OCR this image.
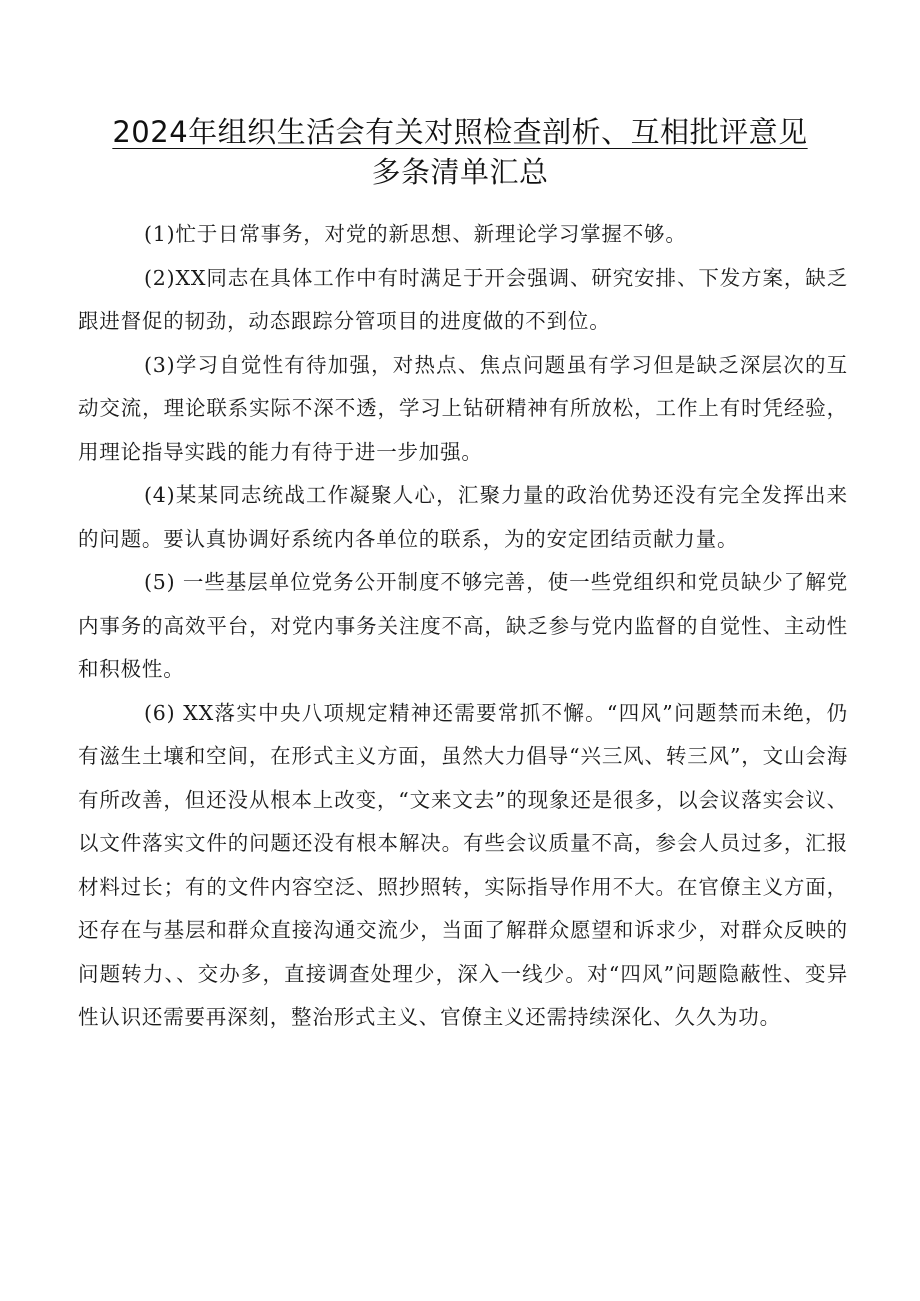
2024年组织生活会有关对照检查剖析、互相批评意见
多条清单汇总

(1)忙于日常事务，对党的新思想、新理论学习掌握不够。

(2)XX同志在具体工作中有时满足于开会强调、研究安排、下发方案，缺乏跟进督促的韧劲，动态跟踪分管项目的进度做的不到位。

(3)学习自觉性有待加强，对热点、焦点问题虽有学习但是缺乏深层次的互动交流，理论联系实际不深不透，学习上钻研精神有所放松，工作上有时凭经验，用理论指导实践的能力有待于进一步加强。

(4)某某同志统战工作凝聚人心，汇聚力量的政治优势还没有完全发挥出来的问题。要认真协调好系统内各单位的联系，为的安定团结贡献力量。

(5) 一些基层单位党务公开制度不够完善，使一些党组织和党员缺少了解党内事务的高效平台，对党内事务关注度不高，缺乏参与党内监督的自觉性、主动性和积极性。

(6) XX落实中央八项规定精神还需要常抓不懈。“四风”问题禁而未绝，仍有滋生土壤和空间，在形式主义方面，虽然大力倡导“兴三风、转三风”，文山会海有所改善，但还没从根本上改变，“文来文去”的现象还是很多，以会议落实会议、以文件落实文件的问题还没有根本解决。有些会议质量不高，参会人员过多，汇报材料过长；有的文件内容空泛、照抄照转，实际指导作用不大。在官僚主义方面，还存在与基层和群众直接沟通交流少，当面了解群众愿望和诉求少，对群众反映的问题转力、、交办多，直接调查处理少，深入一线少。对“四风”问题隐蔽性、变异性认识还需要再深刻，整治形式主义、官僚主义还需持续深化、久久为功。
